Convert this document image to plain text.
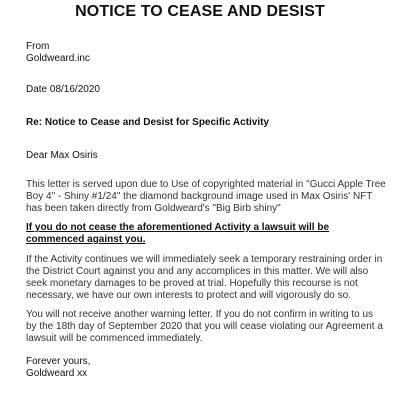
NOTICE TO CEASE AND DESIST

From

Goldweard.inc

Date 08/16/2020
Re: Notice to Cease and Desist for Specific Activity
Dear Max Osiris
This letter is served upon due to Use of copyrighted material in "Gucci Apple Tree Boy 4" - Shiny #1/24" the diamond background image used in Max Osiris' NFT has been taken directly from Goldweard's "Big Birb shiny"
If you do not cease the aforementioned Activity a lawsuit will be commenced against you.
If the Activity continues we will immediately seek a temporary restraining order in the District Court against you and any accomplices in this matter. We will also seek monetary damages to be proved at trial. Hopefully this recourse is not necessary, we have our own interests to protect and will vigorously do so.
You will not receive another warning letter. If you do not confirm in writing to us by the 18th day of September 2020 that you will cease violating our Agreement a lawsuit will be commenced immediately.

Forever yours,

Goldweard xx
